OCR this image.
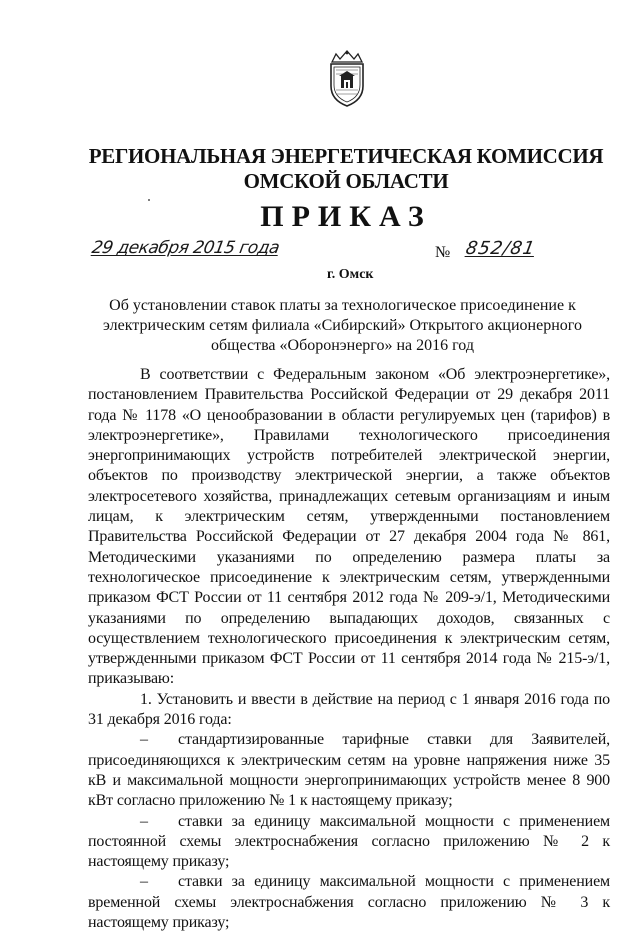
РЕГИОНАЛЬНАЯ ЭНЕРГЕТИЧЕСКАЯ КОМИССИЯ
ОМСКОЙ ОБЛАСТИ
ПРИКАЗ
29 декабря 2015 года	№ 852/81
г. Омск
Об установлении ставок платы за технологическое присоединение к электрическим сетям филиала «Сибирский» Открытого акционерного общества «Оборонэнерго» на 2016 год

В соответствии с Федеральным законом «Об электроэнергетике», постановлением Правительства Российской Федерации от 29 декабря 2011 года № 1178 «О ценообразовании в области регулируемых цен (тарифов) в электроэнергетике», Правилами технологического присоединения энергопринимающих устройств потребителей электрической энергии, объектов по производству электрической энергии, а также объектов электросетевого хозяйства, принадлежащих сетевым организациям и иным лицам, к электрическим сетям, утвержденными постановлением Правительства Российской Федерации от 27 декабря 2004 года № 861, Методическими указаниями по определению размера платы за технологическое присоединение к электрическим сетям, утвержденными приказом ФСТ России от 11 сентября 2012 года № 209-э/1, Методическими указаниями по определению выпадающих доходов, связанных с осуществлением технологического присоединения к электрическим сетям, утвержденными приказом ФСТ России от 11 сентября 2014 года № 215-э/1, приказываю:

1. Установить и ввести в действие на период с 1 января 2016 года по 31 декабря 2016 года:

– стандартизированные тарифные ставки для Заявителей, присоединяющихся к электрическим сетям на уровне напряжения ниже 35 кВ и максимальной мощности энергопринимающих устройств менее 8 900 кВт согласно приложению № 1 к настоящему приказу;

– ставки за единицу максимальной мощности с применением постоянной схемы электроснабжения согласно приложению № 2 к настоящему приказу;

– ставки за единицу максимальной мощности с применением временной схемы электроснабжения согласно приложению № 3 к настоящему приказу;
